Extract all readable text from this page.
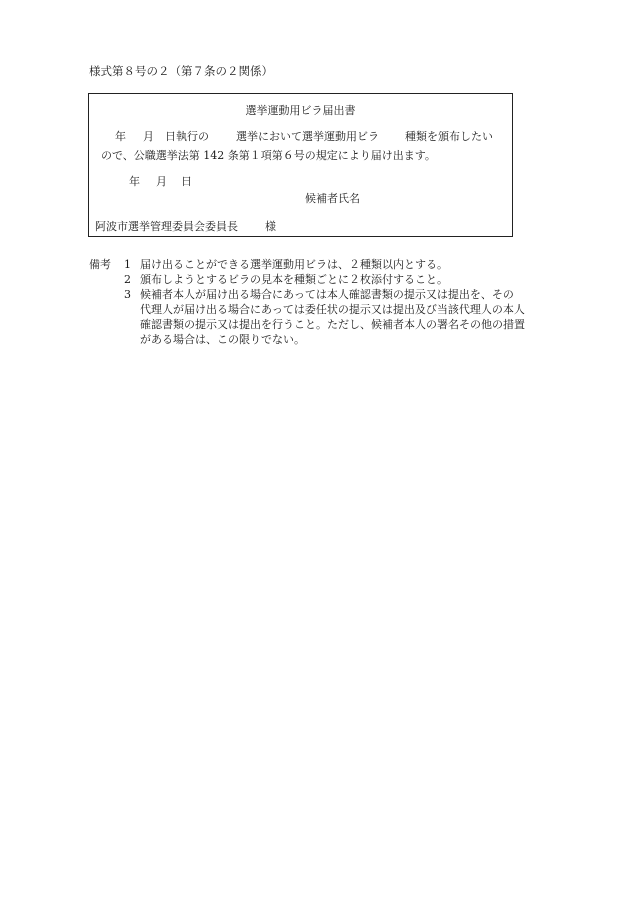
様式第８号の２（第７条の２関係）
選挙運動用ビラ届出書
年 月 日執行の 選挙において選挙運動用ビラ 種類を頒布したい
ので、公職選挙法第 142 条第１項第６号の規定により届け出ます。
年 月 日
候補者氏名
阿波市選挙管理委員会委員長 様
備考 1 届け出ることができる選挙運動用ビラは、２種類以内とする。
2 頒布しようとするビラの見本を種類ごとに２枚添付すること。
3 候補者本人が届け出る場合にあっては本人確認書類の提示又は提出を、その
代理人が届け出る場合にあっては委任状の提示又は提出及び当該代理人の本人
確認書類の提示又は提出を行うこと。ただし、候補者本人の署名その他の措置
がある場合は、この限りでない。
